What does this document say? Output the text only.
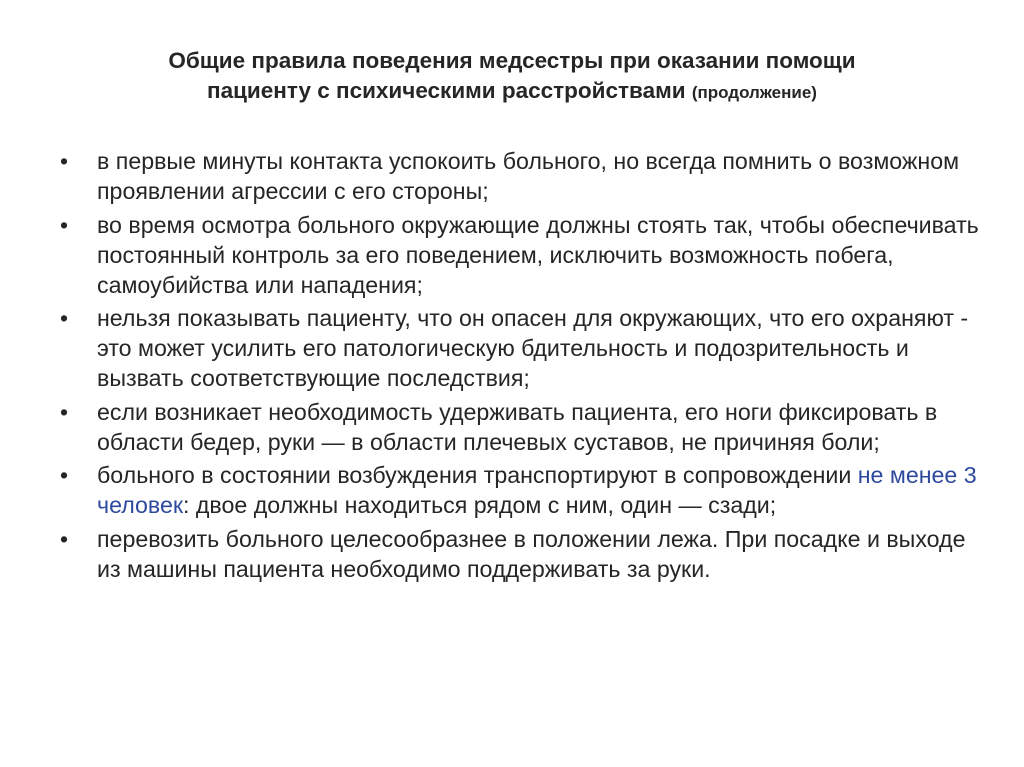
Общие правила поведения медсестры при оказании помощи
пациенту с психическими расстройствами (продолжение)
•	в первые минуты контакта успокоить больного, но всегда помнить о возможном проявлении агрессии с его стороны;
•	во время осмотра больного окружающие должны стоять так, чтобы обеспечивать постоянный контроль за его поведением, исключить возможность побега, самоубийства или нападения;
•	нельзя показывать пациенту, что он опасен для окружающих, что его охраняют - это может усилить его патологическую бдительность и подозрительность и вызвать соответствующие последствия;
•	если возникает необходимость удерживать пациента, его ноги фиксировать в области бедер, руки — в области плечевых суставов, не причиняя боли;
•	больного в состоянии возбуждения транспортируют в сопровождении не менее 3 человек: двое должны находиться рядом с ним, один — сзади;
•	перевозить больного целесообразнее в положении лежа. При посадке и выходе из машины пациента необходимо поддерживать за руки.
